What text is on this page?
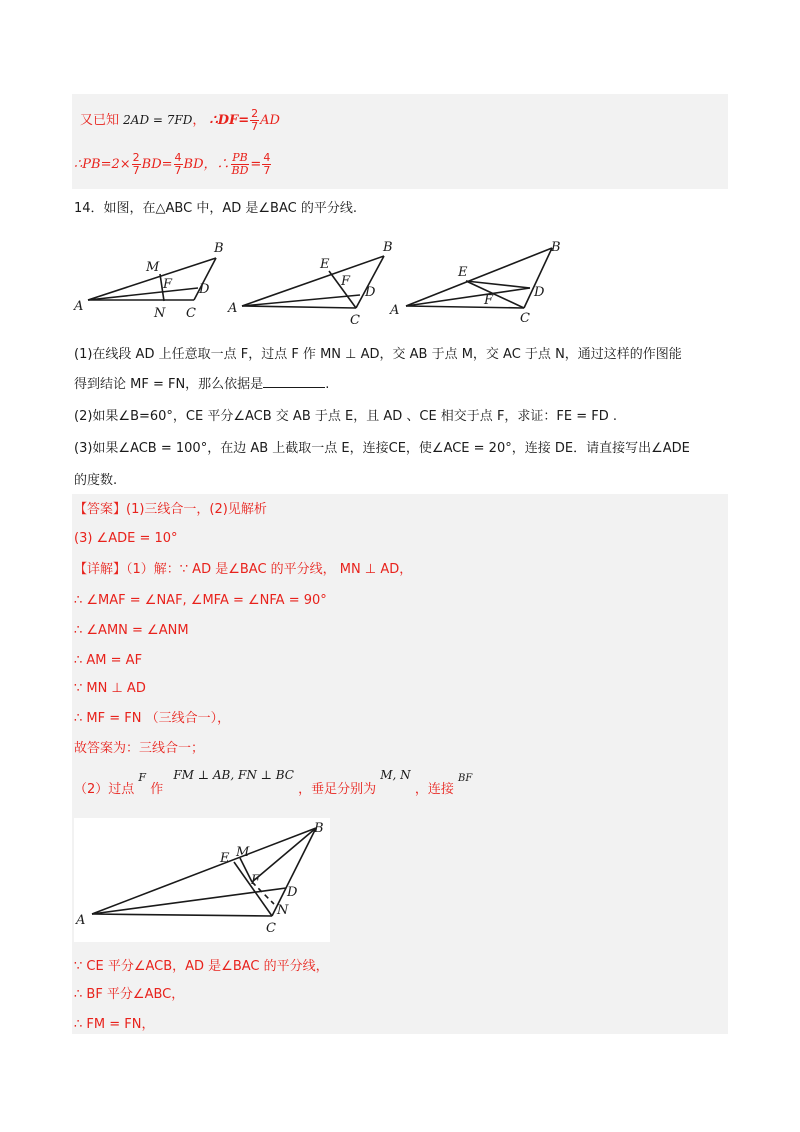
又已知 2AD = 7FD， ∴DF= $\frac{2}{7}$ AD
∴PB=2× $\frac{2}{7} BD= \frac{4}{7}$ BD，∴ $\frac{PB}{BD} = \frac{4}{7}$
14．如图，在△ABC 中，AD 是∠BAC 的平分线.
B
M
F D
A	N C
B
E
F
D
A
C
B
E
F
D
A
C
(1)在线段 AD 上任意取一点 F，过点 F 作 MN ⊥ AD，交 AB 于点 M，交 AC 于点 N，通过这样的作图能
得到结论 MF = FN，那么依据是	.
(2)如果∠B=60°，CE 平分∠ACB 交 AB 于点 E，且 AD 、CE 相交于点 F，求证：FE = FD .
(3)如果∠ACB = 100°，在边 AB 上截取一点 E，连接CE，使∠ACE = 20°，连接 DE．请直接写出∠ADE
的度数.
【答案】(1)三线合一，(2)见解析
(3) ∠ADE = 10°
【详解】（1）解：∵ AD 是∠BAC 的平分线， MN ⊥ AD，
∴ ∠MAF = ∠NAF, ∠MFA = ∠NFA = 90°
∴ ∠AMN = ∠ANM
∴ AM = AF
∵ MN ⊥ AD
∴ MF = FN （三线合一），
故答案为：三线合一；
（2）过点 F 作 FM ⊥ AB, FN ⊥ BC ，垂足分别为 M, N ，连接 BF
B
E M
F
D
N
A
C
∵ CE 平分∠ACB，AD 是∠BAC 的平分线，
∴ BF 平分∠ABC，
∴ FM = FN，
